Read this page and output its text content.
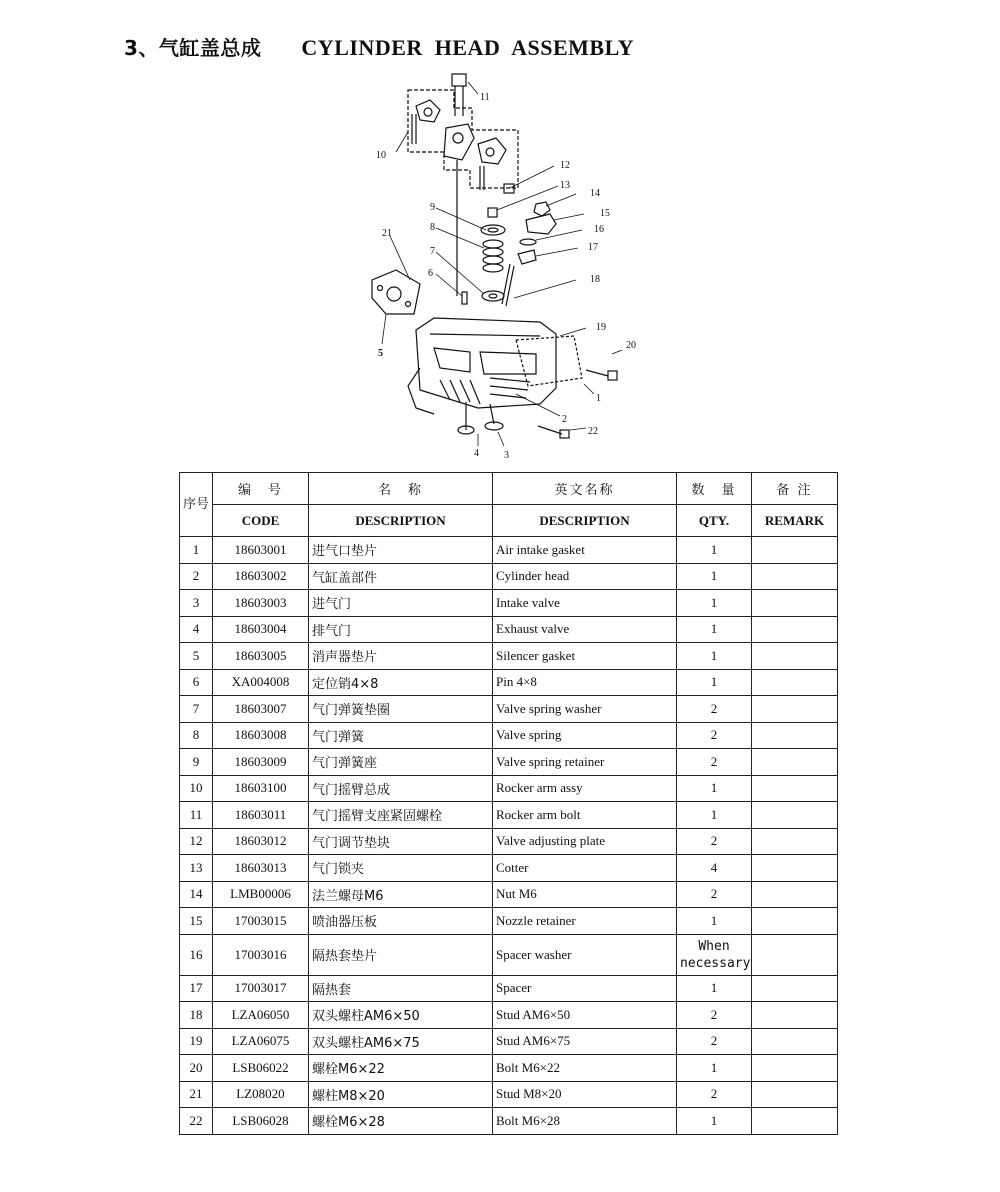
3、气缸盖总成 CYLINDER HEAD ASSEMBLY
1
2
3
4
5
6
7
8
9
10
11
12
13
14
15
16
17
18
19
20
21
22
序号	编　号	名　称	英文名称	数　量	备 注
	CODE	DESCRIPTION	DESCRIPTION	QTY.	REMARK
1	18603001	进气口垫片	Air intake gasket	1	
2	18603002	气缸盖部件	Cylinder head	1	
3	18603003	进气门	Intake valve	1	
4	18603004	排气门	Exhaust valve	1	
5	18603005	消声器垫片	Silencer gasket	1	
6	XA004008	定位销4×8	Pin 4×8	1	
7	18603007	气门弹簧垫圈	Valve spring washer	2	
8	18603008	气门弹簧	Valve spring	2	
9	18603009	气门弹簧座	Valve spring retainer	2	
10	18603100	气门摇臂总成	Rocker arm assy	1	
11	18603011	气门摇臂支座紧固螺栓	Rocker arm bolt	1	
12	18603012	气门调节垫块	Valve adjusting plate	2	
13	18603013	气门锁夹	Cotter	4	
14	LMB00006	法兰螺母M6	Nut M6	2	
15	17003015	喷油器压板	Nozzle retainer	1	
16	17003016	隔热套垫片	Spacer washer	When necessary	
17	17003017	隔热套	Spacer	1	
18	LZA06050	双头螺柱AM6×50	Stud AM6×50	2	
19	LZA06075	双头螺柱AM6×75	Stud AM6×75	2	
20	LSB06022	螺栓M6×22	Bolt M6×22	1	
21	LZ08020	螺柱M8×20	Stud M8×20	2	
22	LSB06028	螺栓M6×28	Bolt M6×28	1	
